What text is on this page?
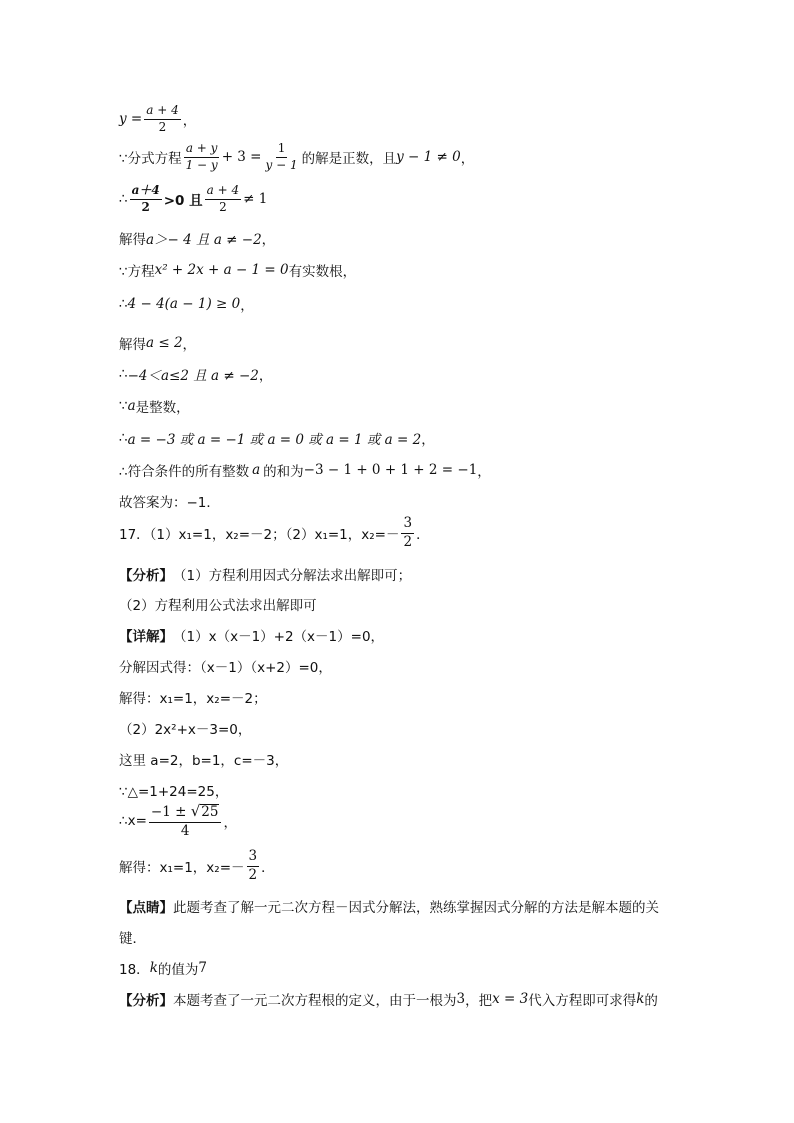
$y = \frac{a + 4}{2}$ ，
∵分式方程 $\frac{a + y}{1 - y} + 3 = \frac{1}{y - 1}$ 的解是正数，且 y − 1 ≠ 0 ，
∴ $\frac{a+4}{2} >0$ 且 $\frac{a + 4}{2} \ne 1$
解得 a＞− 4 且 a ≠ −2 ，
∵方程 x² + 2x + a − 1 = 0 有实数根，
∴ 4 − 4(a − 1) ≥ 0 ，
解得 a ≤ 2 ，
∴ −4＜a≤2 且 a ≠ −2 ，
∵ a 是整数，
∴ a = −3 或 a = −1 或 a = 0 或 a = 1 或 a = 2 ，
∴符合条件的所有整数 a 的和为 −3 − 1 + 0 + 1 + 2 = −1 ，
故答案为：−1．
17．（1）x₁=1，x₂=－2；（2）x₁=1，$x_2=- \frac{3}{2}$ ．
【分析】 （1）方程利用因式分解法求出解即可；
（2）方程利用公式法求出解即可
【详解】 （1）x（x－1）+2（x－1）=0，
分解因式得：（x－1）（x+2）=0，
解得：x₁=1，x₂=－2；
（2）2x²+x－3=0，
这里 a=2，b=1，c=－3，
∵△=1+24=25，
∴x= $\frac{-1 \pm √ 25}{4}$ ，
解得：x₁=1，$x_2=- \frac{3}{2}$ ．
【点睛】 此题考查了解一元二次方程－因式分解法，熟练掌握因式分解的方法是解本题的关
键．
18． k 的值为 7
【分析】 本题考查了一元二次方程根的定义，由于一根为 3 ，把 x = 3 代入方程即可求得 k 的
